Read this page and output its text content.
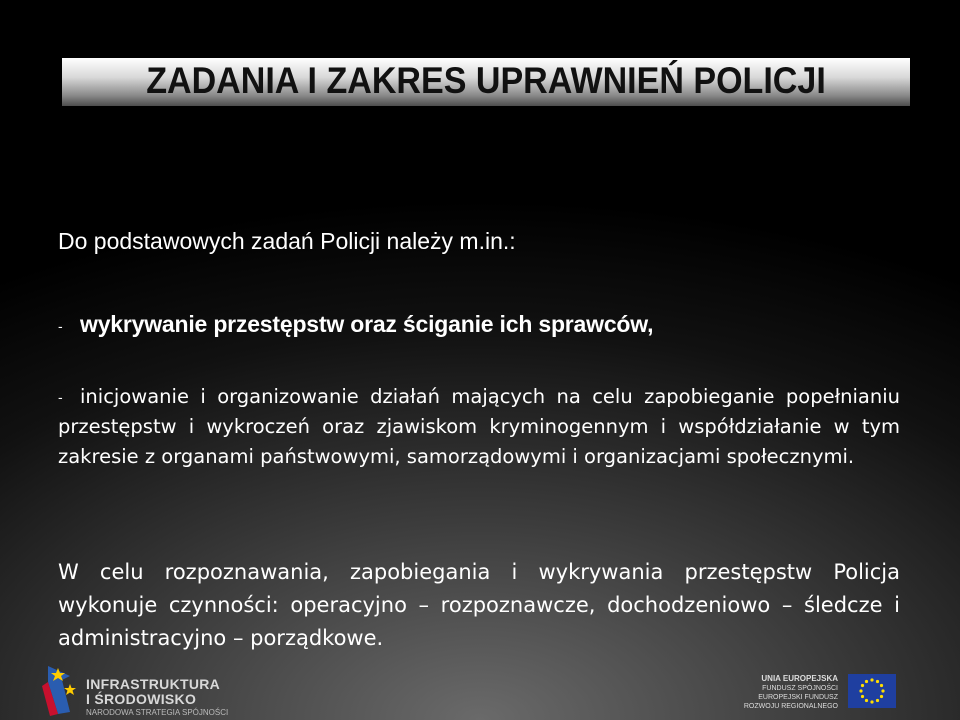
ZADANIA I ZAKRES UPRAWNIEŃ POLICJI
Do podstawowych zadań Policji należy m.in.:
- wykrywanie przestępstw oraz ściganie ich sprawców,
- inicjowanie i organizowanie działań mających na celu zapobieganie popełnianiu przestępstw i wykroczeń oraz zjawiskom kryminogennym i współdziałanie w tym zakresie z organami państwowymi, samorządowymi i organizacjami społecznymi.
W celu rozpoznawania, zapobiegania i wykrywania przestępstw Policja wykonuje czynności: operacyjno – rozpoznawcze, dochodzeniowo – śledcze i administracyjno – porządkowe.
INFRASTRUKTURA
I ŚRODOWISKO
NARODOWA STRATEGIA SPÓJNOŚCI
UNIA EUROPEJSKA
FUNDUSZ SPÓJNOŚCI
EUROPEJSKI FUNDUSZ
ROZWOJU REGIONALNEGO
